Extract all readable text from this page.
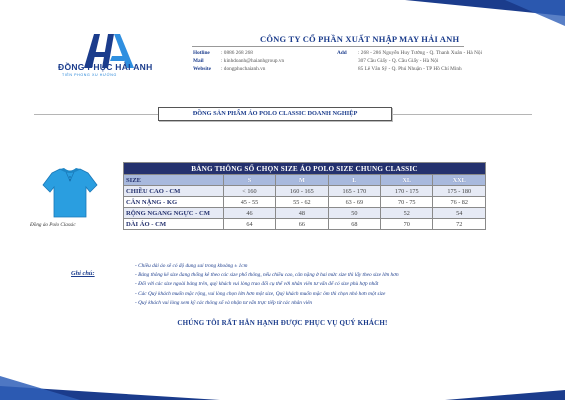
ĐỒNG PHỤC HẢI ANH
TIÊN PHONG XU HƯỚNG
CÔNG TY CỔ PHẦN XUẤT NHẬP MAY HẢI ANH
Hotline	: 0886 268 268
Mail	: kinhdoanh@haianhgroup.vn
Website	: dongphuchaianh.vn
Add : 268 - 286 Nguyễn Huy Tưởng - Q. Thanh Xuân - Hà Nội
307 Cầu Giấy - Q. Cầu Giấy - Hà Nội
85 Lê Văn Sỹ - Q. Phú Nhuận - TP Hồ Chí Minh
ĐỒNG SẢN PHẨM ÁO POLO CLASSIC DOANH NGHIỆP
Đồng áo Polo Classic
BẢNG THÔNG SỐ CHỌN SIZE ÁO POLO SIZE CHUNG CLASSIC					
SIZE	S	M	L	XL	XXL
CHIỀU CAO - CM	< 160	160 - 165	165 - 170	170 - 175	175 - 180
CÂN NẶNG - KG	45 - 55	55 - 62	63 - 69	70 - 75	76 - 82
RỘNG NGANG NGỰC - CM	46	48	50	52	54
DÀI ÁO - CM	64	66	68	70	72
Ghi chú:
- Chiều dài áo sẽ có độ dung sai trong khoảng ± 1cm
- Bảng thông kê size đang thống kê theo các size phổ thông, nếu chiều cao, cân nặng ở hai mức size thì lấy theo size lớn hơn
- Đối với các size ngoài bảng trên, quý khách vui lòng trao đổi cụ thể với nhân viên tư vấn để có size phù hợp nhất
- Các Quý khách muốn mặc rộng, vui lòng chọn lớn hơn một size, Quý khách muốn mặc ôm thì chọn nhỏ hơn một size
- Quý khách vui lòng xem kỹ các thông số và nhận tư vấn trực tiếp từ các nhân viên
CHÚNG TÔI RẤT HÂN HẠNH ĐƯỢC PHỤC VỤ QUÝ KHÁCH!
